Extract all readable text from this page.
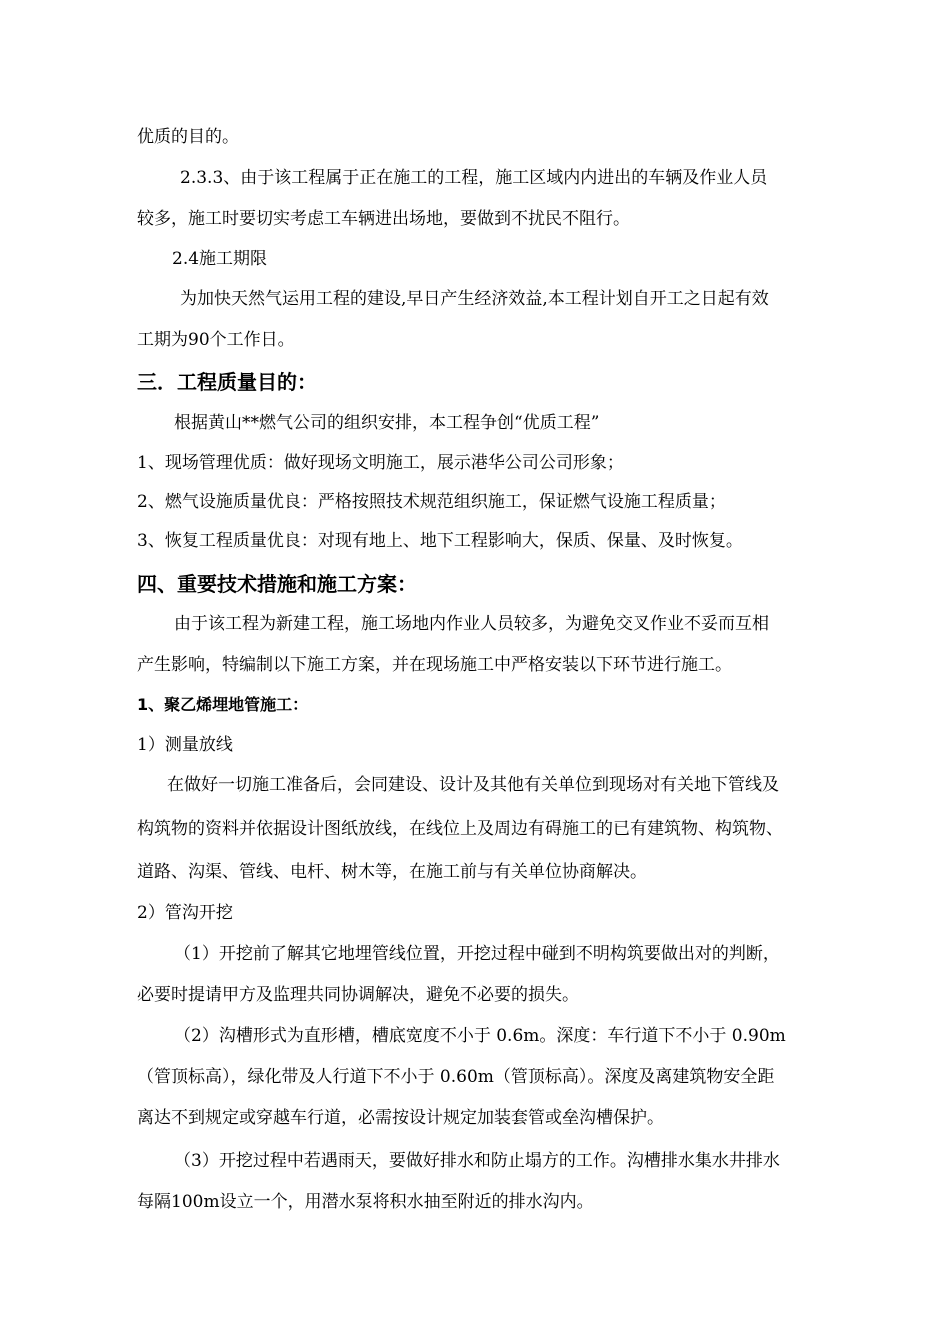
优质的目的。
2.3.3、由于该工程属于正在施工的工程，施工区域内内进出的车辆及作业人员
较多，施工时要切实考虑工车辆进出场地，要做到不扰民不阻行。
2.4施工期限
为加快天然气运用工程的建设,早日产生经济效益,本工程计划自开工之日起有效
工期为90个工作日。
三．工程质量目的：
根据黄山**燃气公司的组织安排，本工程争创“优质工程”
1、现场管理优质：做好现场文明施工，展示港华公司公司形象；
2、燃气设施质量优良：严格按照技术规范组织施工，保证燃气设施工程质量；
3、恢复工程质量优良：对现有地上、地下工程影响大，保质、保量、及时恢复。
四、重要技术措施和施工方案：
由于该工程为新建工程，施工场地内作业人员较多，为避免交叉作业不妥而互相
产生影响，特编制以下施工方案，并在现场施工中严格安装以下环节进行施工。
1、聚乙烯埋地管施工：
1）测量放线
在做好一切施工准备后，会同建设、设计及其他有关单位到现场对有关地下管线及
构筑物的资料并依据设计图纸放线，在线位上及周边有碍施工的已有建筑物、构筑物、
道路、沟渠、管线、电杆、树木等，在施工前与有关单位协商解决。
2）管沟开挖
（1）开挖前了解其它地埋管线位置，开挖过程中碰到不明构筑要做出对的判断，
必要时提请甲方及监理共同协调解决，避免不必要的损失。
（2）沟槽形式为直形槽，槽底宽度不小于 0.6m。深度：车行道下不小于 0.90m
（管顶标高），绿化带及人行道下不小于 0.60m（管顶标高）。深度及离建筑物安全距
离达不到规定或穿越车行道，必需按设计规定加装套管或垒沟槽保护。
（3）开挖过程中若遇雨天，要做好排水和防止塌方的工作。沟槽排水集水井排水
每隔100m设立一个，用潜水泵将积水抽至附近的排水沟内。
